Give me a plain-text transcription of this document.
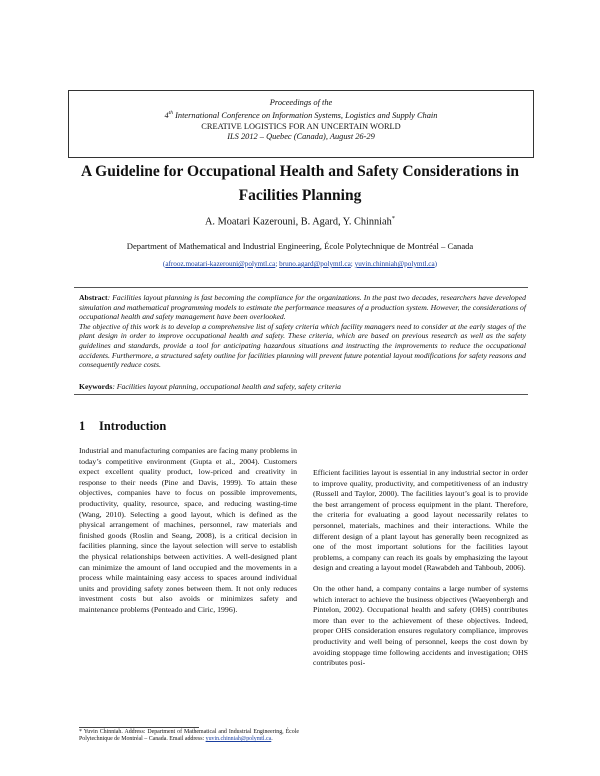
Proceedings of the
4th International Conference on Information Systems, Logistics and Supply Chain
CREATIVE LOGISTICS FOR AN UNCERTAIN WORLD
ILS 2012 – Quebec (Canada), August 26-29
A Guideline for Occupational Health and Safety Considerations in
Facilities Planning
A. Moatari Kazerouni, B. Agard, Y. Chinniah*
Department of Mathematical and Industrial Engineering, École Polytechnique de Montréal – Canada
(afrooz.moatari-kazerouni@polymtl.ca; bruno.agard@polymtl.ca; yuvin.chinniah@polymtl.ca)

Abstract: Facilities layout planning is fast becoming the compliance for the organizations. In the past two decades, researchers have developed simulation and mathematical programming models to estimate the performance measures of a production system. However, the considerations of occupational health and safety management have been overlooked.

The objective of this work is to develop a comprehensive list of safety criteria which facility managers need to consider at the early stages of the plant design in order to improve occupational health and safety. These criteria, which are based on previous research as well as the safety guidelines and standards, provide a tool for anticipating hazardous situations and instructing the improvements to reduce the occupational accidents. Furthermore, a structured safety outline for facilities planning will prevent future potential layout modifications for safety reasons and consequently reduce costs.

Keywords: Facilities layout planning, occupational health and safety, safety criteria
1 Introduction

Industrial and manufacturing companies are facing many problems in today’s competitive environment (Gupta et al., 2004). Customers expect excellent quality product, low-priced and creativity in response to their needs (Pine and Davis, 1999). To attain these objectives, companies have to focus on possible improvements, productivity, quality, resource, space, and reducing wasting-time (Wang, 2010). Selecting a good layout, which is defined as the physical arrangement of machines, personnel, raw materials and finished goods (Roslin and Seang, 2008), is a critical decision in facilities planning, since the layout selection will serve to establish the physical relationships between activities. A well-designed plant can minimize the amount of land occupied and the movements in a process while maintaining easy access to spaces around individual units and providing safety zones between them. It not only reduces investment costs but also avoids or minimizes safety and maintenance problems (Penteado and Ciric, 1996).

Efficient facilities layout is essential in any industrial sector in order to improve quality, productivity, and competitiveness of an industry (Russell and Taylor, 2000). The facilities layout’s goal is to provide the best arrangement of process equipment in the plant. Therefore, the criteria for evaluating a good layout necessarily relates to personnel, materials, machines and their interactions. While the different design of a plant layout has generally been recognized as one of the most important solutions for the facilities layout problems, a company can reach its goals by emphasizing the layout design and creating a layout model (Rawabdeh and Tahboub, 2006).

On the other hand, a company contains a large number of systems which interact to achieve the business objectives (Waeyenbergh and Pintelon, 2002). Occupational health and safety (OHS) contributes more than ever to the achievement of these objectives. Indeed, proper OHS consideration ensures regulatory compliance, improves productivity and well being of personnel, keeps the cost down by avoiding stoppage time following accidents and investigation; OHS contributes posi-

* Yuvin Chinniah. Address: Department of Mathematical and Industrial Engineering, École Polytechnique de Montréal – Canada. Email address: yuvin.chinniah@polymtl.ca.
